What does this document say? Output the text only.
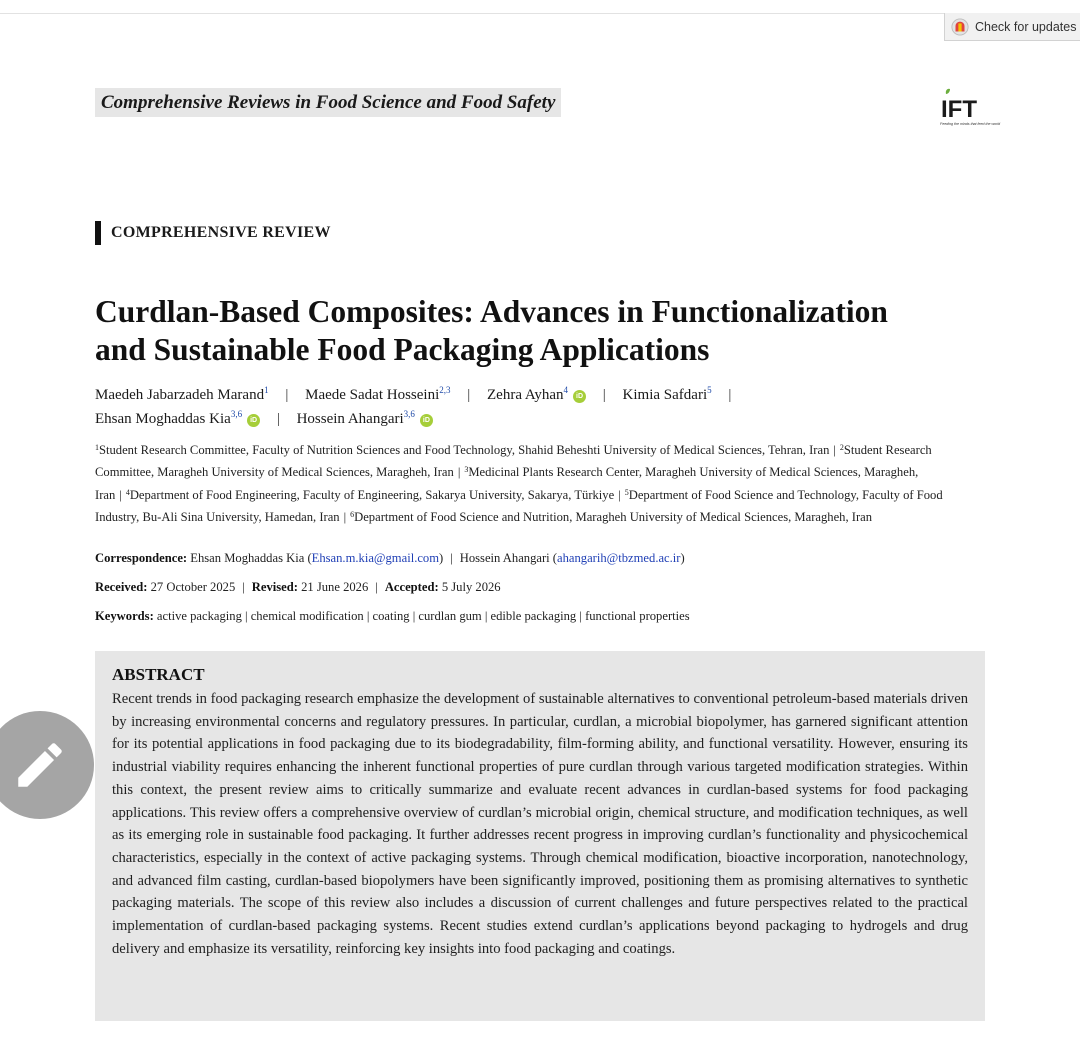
Check for updates
Comprehensive Reviews in Food Science and Food Safety	IFT
Feeding the minds that feed the world
COMPREHENSIVE REVIEW
Curdlan-Based Composites: Advances in Functionalization
and Sustainable Food Packaging Applications
Maedeh Jabarzadeh Marand$^1$ | Maede Sadat Hosseini$^{2,3}$ | Zehra Ayhan$^4$iD | Kimia Safdari$^5$ |
Ehsan Moghaddas Kia$^{3,6}$iD | Hossein Ahangari$^{3,6}$iD
$^1$Student Research Committee, Faculty of Nutrition Sciences and Food Technology, Shahid Beheshti University of Medical Sciences, Tehran, Iran | $^2$Student Research Committee, Maragheh University of Medical Sciences, Maragheh, Iran | $^3$Medicinal Plants Research Center, Maragheh University of Medical Sciences, Maragheh, Iran | $^4$Department of Food Engineering, Faculty of Engineering, Sakarya University, Sakarya, Türkiye | $^5$Department of Food Science and Technology, Faculty of Food Industry, Bu-Ali Sina University, Hamedan, Iran | $^6$Department of Food Science and Nutrition, Maragheh University of Medical Sciences, Maragheh, Iran
Correspondence: Ehsan Moghaddas Kia (Ehsan.m.kia@gmail.com) | Hossein Ahangari (ahangarih@tbzmed.ac.ir)
Received: 27 October 2025 | Revised: 21 June 2026 | Accepted: 5 July 2026
Keywords: active packaging | chemical modification | coating | curdlan gum | edible packaging | functional properties
ABSTRACT

Recent trends in food packaging research emphasize the development of sustainable alternatives to conventional petroleum-based materials driven by increasing environmental concerns and regulatory pressures. In particular, curdlan, a microbial biopolymer, has garnered significant attention for its potential applications in food packaging due to its biodegradability, film-forming ability, and functional versatility. However, ensuring its industrial viability requires enhancing the inherent functional properties of pure curdlan through various targeted modification strategies. Within this context, the present review aims to critically summarize and evaluate recent advances in curdlan-based systems for food packaging applications. This review offers a comprehensive overview of curdlan’s microbial origin, chemical structure, and modification techniques, as well as its emerging role in sustainable food packaging. It further addresses recent progress in improving curdlan’s functionality and physicochemical characteristics, especially in the context of active packaging systems. Through chemical modification, bioactive incorporation, nanotechnology, and advanced film casting, curdlan-based biopolymers have been significantly improved, positioning them as promising alternatives to synthetic packaging materials. The scope of this review also includes a discussion of current challenges and future perspectives related to the practical implementation of curdlan-based packaging systems. Recent studies extend curdlan’s applications beyond packaging to hydrogels and drug delivery and emphasize its versatility, reinforcing key insights into food packaging and coatings.
